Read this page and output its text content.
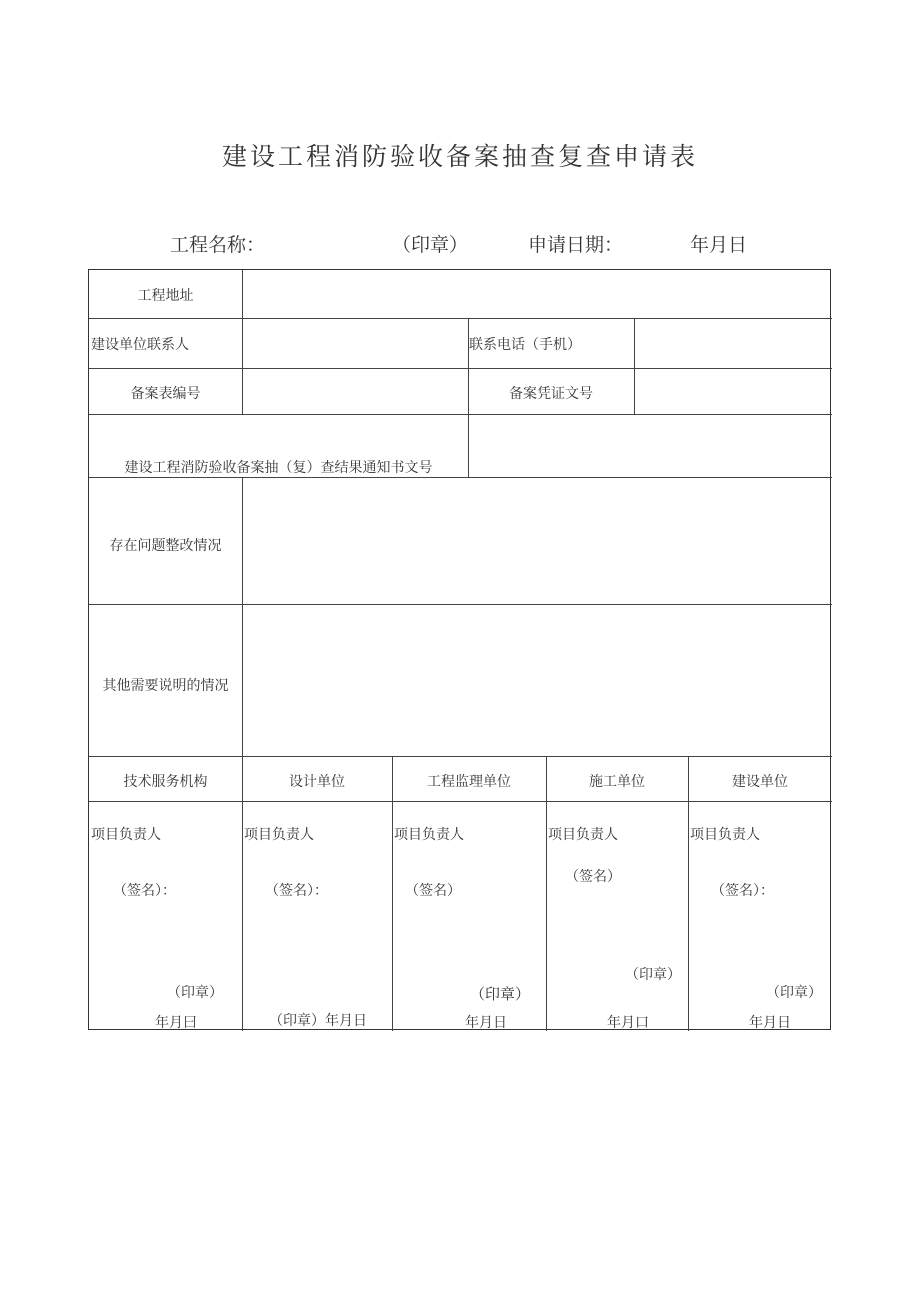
建设工程消防验收备案抽查复查申请表
工程名称：	（印章）	申请日期：	年月日
工程地址
建设单位联系人	联系电话（手机）
备案表编号	备案凭证文号
建设工程消防验收备案抽（复）查结果通知书文号
存在问题整改情况
其他需要说明的情况
技术服务机构	设计单位	工程监理单位	施工单位	建设单位
项目负责人
（签名）：
（印章）
年月曰
项目负责人
（签名）：
（印章）年月日
项目负责人
（签名）
（印章）
年月日
项目负责人
（签名）
（印章）
年月口
项目负责人
（签名）：
（印章）
年月日
